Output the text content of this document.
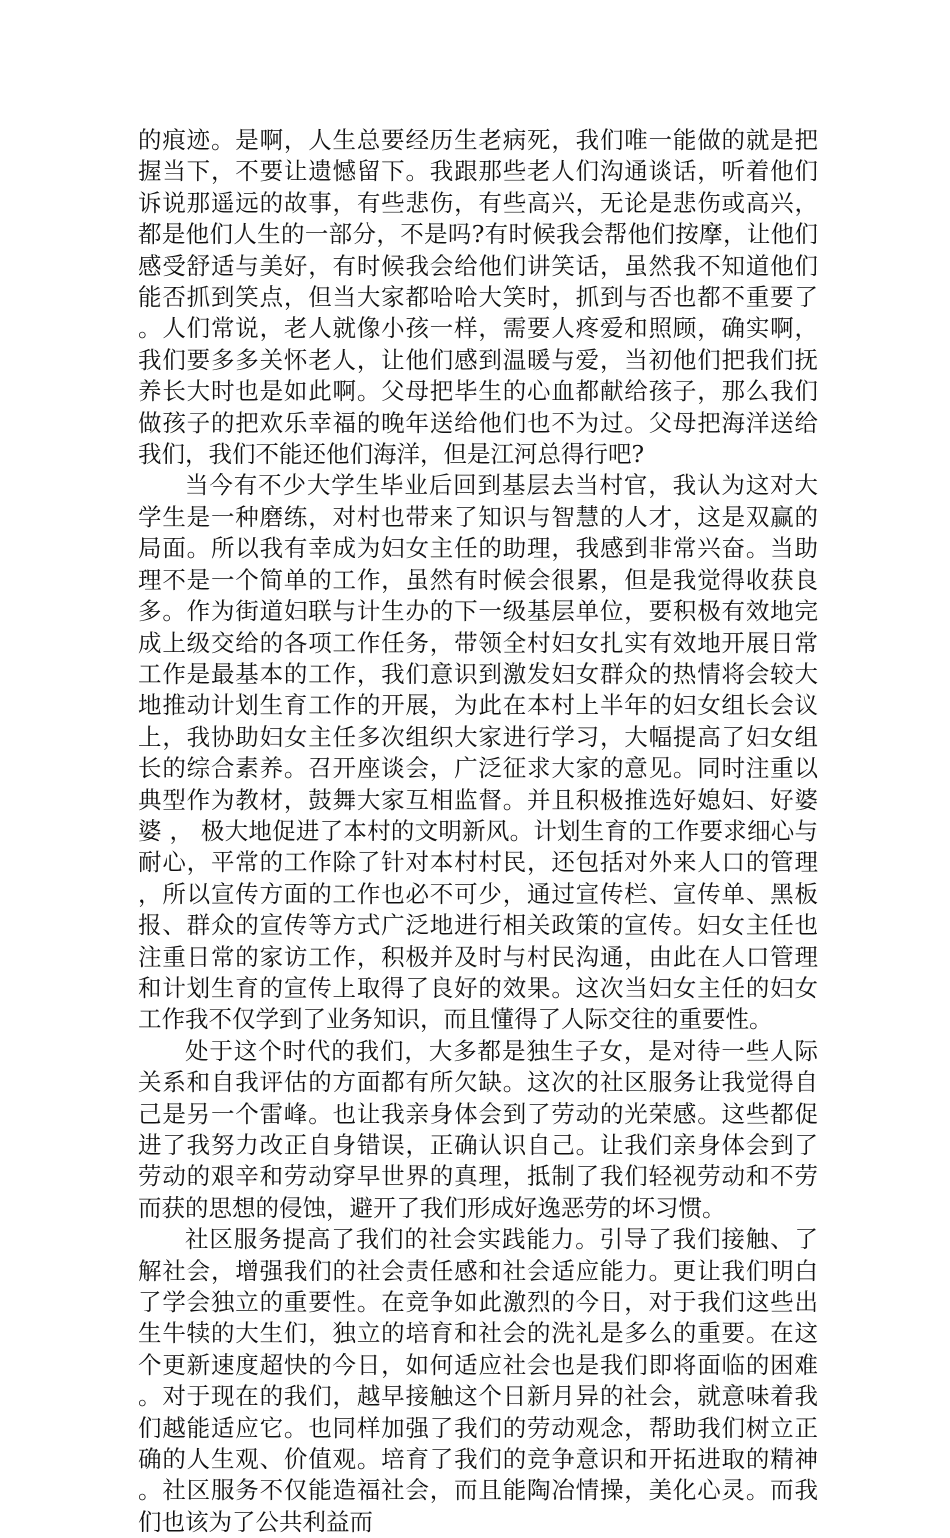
的痕迹。是啊，人生总要经历生老病死，我们唯一能做的就是把握当下，不要让遗憾留下。我跟那些老人们沟通谈话，听着他们诉说那遥远的故事，有些悲伤，有些高兴，无论是悲伤或高兴，都是他们人生的一部分，不是吗?有时候我会帮他们按摩，让他们感受舒适与美好，有时候我会给他们讲笑话，虽然我不知道他们能否抓到笑点，但当大家都哈哈大笑时，抓到与否也都不重要了。人们常说，老人就像小孩一样，需要人疼爱和照顾，确实啊，我们要多多关怀老人，让他们感到温暖与爱，当初他们把我们抚养长大时也是如此啊。父母把毕生的心血都献给孩子，那么我们做孩子的把欢乐幸福的晚年送给他们也不为过。父母把海洋送给我们，我们不能还他们海洋，但是江河总得行吧?

当今有不少大学生毕业后回到基层去当村官，我认为这对大学生是一种磨练，对村也带来了知识与智慧的人才，这是双赢的局面。所以我有幸成为妇女主任的助理，我感到非常兴奋。当助理不是一个简单的工作，虽然有时候会很累，但是我觉得收获良多。作为街道妇联与计生办的下一级基层单位，要积极有效地完成上级交给的各项工作任务，带领全村妇女扎实有效地开展日常工作是最基本的工作，我们意识到激发妇女群众的热情将会较大地推动计划生育工作的开展，为此在本村上半年的妇女组长会议上，我协助妇女主任多次组织大家进行学习，大幅提高了妇女组长的综合素养。召开座谈会，广泛征求大家的意见。同时注重以典型作为教材，鼓舞大家互相监督。并且积极推选好媳妇、好婆婆 ， 极大地促进了本村的文明新风。计划生育的工作要求细心与耐心，平常的工作除了针对本村村民，还包括对外来人口的管理，所以宣传方面的工作也必不可少，通过宣传栏、宣传单、黑板报、群众的宣传等方式广泛地进行相关政策的宣传。妇女主任也注重日常的家访工作，积极并及时与村民沟通，由此在人口管理和计划生育的宣传上取得了良好的效果。这次当妇女主任的妇女工作我不仅学到了业务知识，而且懂得了人际交往的重要性。

处于这个时代的我们，大多都是独生子女，是对待一些人际关系和自我评估的方面都有所欠缺。这次的社区服务让我觉得自己是另一个雷峰。也让我亲身体会到了劳动的光荣感。这些都促进了我努力改正自身错误，正确认识自己。让我们亲身体会到了劳动的艰辛和劳动穿早世界的真理，抵制了我们轻视劳动和不劳而获的思想的侵蚀，避开了我们形成好逸恶劳的坏习惯。

社区服务提高了我们的社会实践能力。引导了我们接触、了解社会，增强我们的社会责任感和社会适应能力。更让我们明白了学会独立的重要性。在竞争如此激烈的今日，对于我们这些出生牛犊的大生们，独立的培育和社会的洗礼是多么的重要。在这个更新速度超快的今日，如何适应社会也是我们即将面临的困难。对于现在的我们，越早接触这个日新月异的社会，就意味着我们越能适应它。也同样加强了我们的劳动观念，帮助我们树立正确的人生观、价值观。培育了我们的竞争意识和开拓进取的精神。社区服务不仅能造福社会，而且能陶冶情操，美化心灵。而我们也该为了公共利益而
